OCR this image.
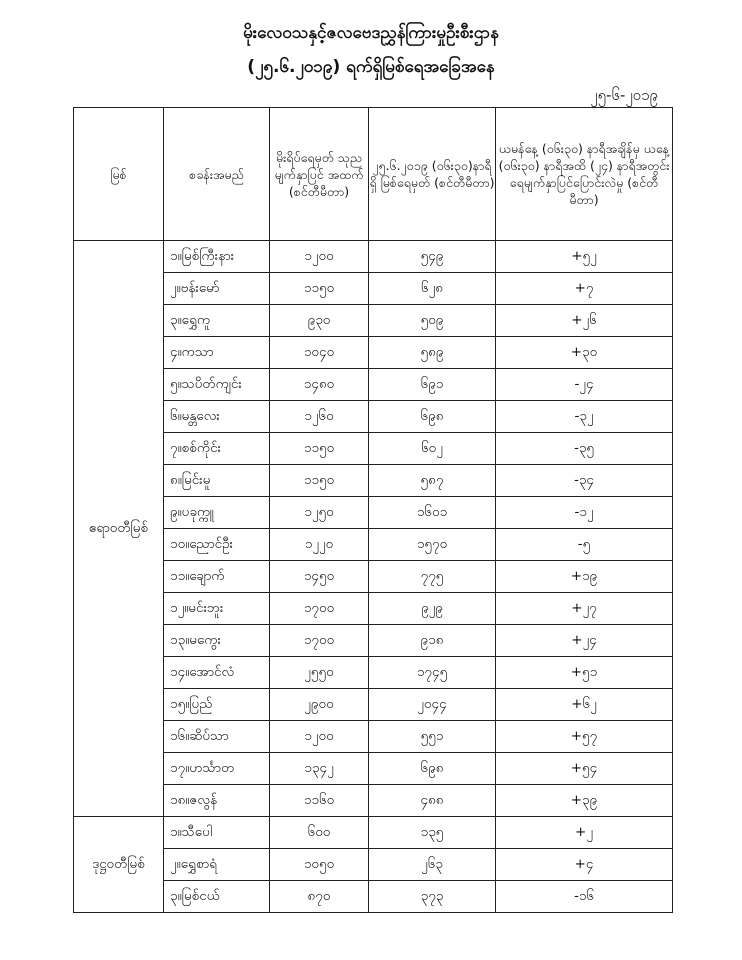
မိုးလေဝသနှင့်ဇလဗေဒညွှန်ကြားမှုဦးစီးဌာန
(၂၅.၆.၂၀၁၉) ရက်ရှိမြစ်ရေအခြေအနေ
၂၅-၆-၂၀၁၉
မြစ်	စခန်းအမည်	မိုးရိပ်ရေမှတ် သုည မျက်နှာပြင် အထက် (စင်တီမီတာ)	၂၅.၆.၂၀၁၉ (၀၆း၃၀)နာရီရှိ မြစ်ရေမှတ် (စင်တီမီတာ)	ယမန်နေ့ (၀၆း၃၀) နာရီအချိန်မှ ယနေ့ (၀၆း၃၀) နာရီအထိ (၂၄) နာရီအတွင်း ရေမျက်နှာပြင်ပြောင်းလဲမှု (စင်တီမီတာ)
ဧရာဝတီမြစ်	၁။မြစ်ကြီးနား	၁၂၀၀	၅၄၉	+၅၂
	၂။ဗန်းမော်	၁၁၅၀	၆၂၈	+၇
	၃။ရွှေကူ	၉၃၀	၅၀၉	+၂၆
	၄။ကသာ	၁၀၄၀	၅၈၉	+၃၀
	၅။သပိတ်ကျင်း	၁၄၈၀	၆၉၁	-၂၄
	၆။မန္တလေး	၁၂၆၀	၆၉၈	-၃၂
	၇။စစ်ကိုင်း	၁၁၅၀	၆၀၂	-၃၅
	၈။မြင်းမူ	၁၁၅၀	၅၈၇	-၃၄
	၉။ပခုက္ကူ	၁၂၅၀	၁၆၀၁	-၁၂
	၁၀။ညောင်ဦး	၁၂၂၀	၁၅၇၀	-၅
	၁၁။ချောက်	၁၄၅၀	၇၇၅	+၁၉
	၁၂။မင်းဘူး	၁၇၀၀	၉၂၉	+၂၇
	၁၃။မကွေး	၁၇၀၀	၉၁၈	+၂၄
	၁၄။အောင်လံ	၂၅၅၀	၁၇၄၅	+၅၁
	၁၅။ပြည်	၂၉၀၀	၂၀၄၄	+၆၂
	၁၆။ဆိပ်သာ	၁၂၀၀	၅၅၁	+၅၇
	၁၇။ဟင်္သာတ	၁၃၄၂	၆၉၈	+၅၄
	၁၈။ဇလွန်	၁၁၆၀	၄၈၈	+၃၉
ဒုဋ္ဌဝတီမြစ်	၁။သီပေါ	၆၀၀	၁၃၅	+၂
	၂။ရွှေစာရံ	၁၀၅၀	၂၆၃	+၄
	၃။မြစ်ငယ်	၈၇၀	၃၇၃	-၁၆
